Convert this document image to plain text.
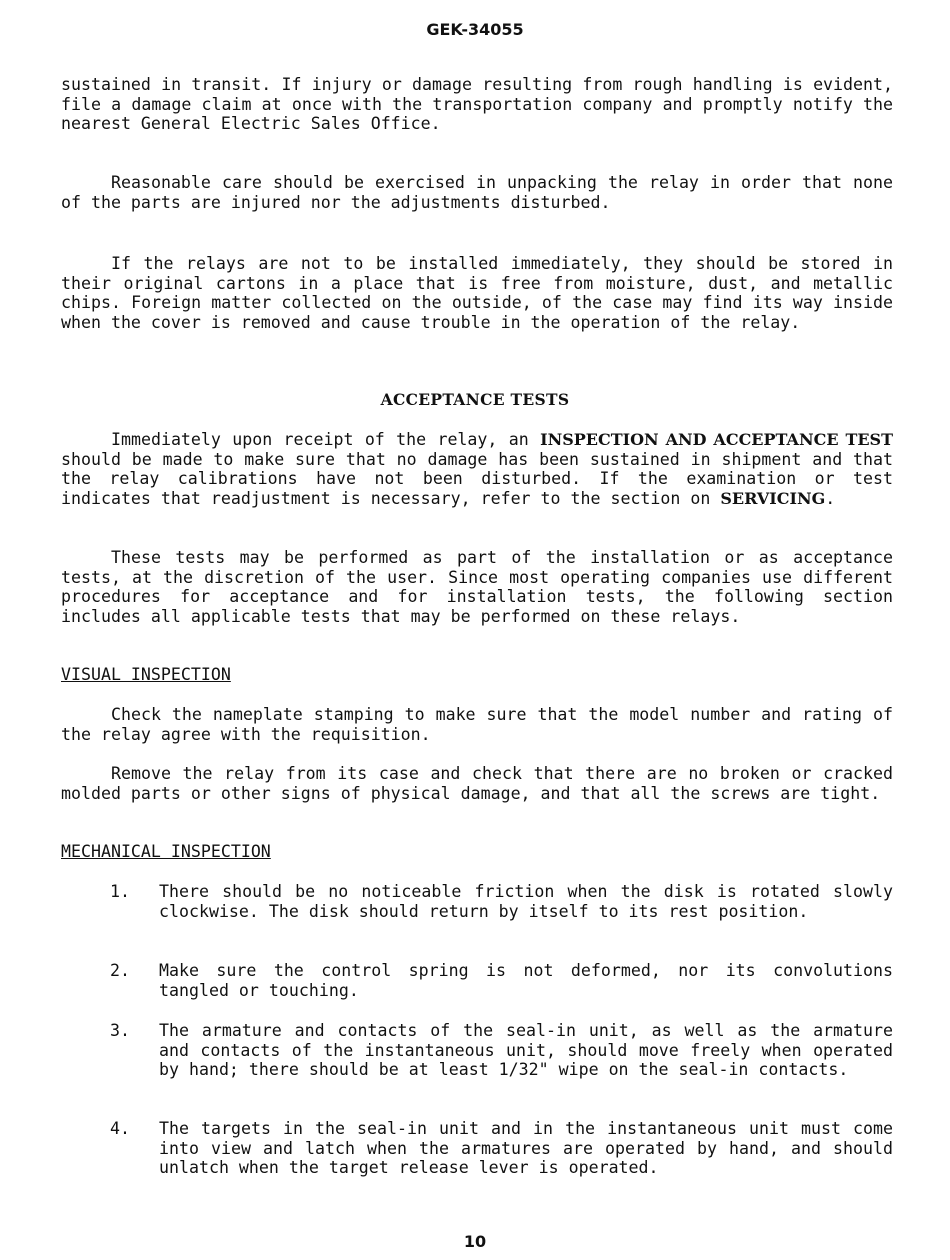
GEK-34055
sustained in transit. If injury or damage resulting from rough handling is evident, file a damage claim at once with the transportation company and promptly notify the nearest General Electric Sales Office.
Reasonable care should be exercised in unpacking the relay in order that none of the parts are injured nor the adjustments disturbed.
If the relays are not to be installed immediately, they should be stored in their original cartons in a place that is free from moisture, dust, and metallic chips. Foreign matter collected on the outside, of the case may find its way inside when the cover is removed and cause trouble in the operation of the relay.
ACCEPTANCE TESTS
Immediately upon receipt of the relay, an INSPECTION AND ACCEPTANCE TEST should be made to make sure that no damage has been sustained in shipment and that the relay calibrations have not been disturbed. If the examination or test indicates that readjustment is necessary, refer to the section on SERVICING.
These tests may be performed as part of the installation or as acceptance tests, at the discretion of the user. Since most operating companies use different procedures for acceptance and for installation tests, the following section includes all applicable tests that may be performed on these relays.
VISUAL INSPECTION
Check the nameplate stamping to make sure that the model number and rating of the relay agree with the requisition.
Remove the relay from its case and check that there are no broken or cracked molded parts or other signs of physical damage, and that all the screws are tight.
MECHANICAL INSPECTION
1.	There should be no noticeable friction when the disk is rotated slowly clockwise. The disk should return by itself to its rest position.
2.	Make sure the control spring is not deformed, nor its convolutions tangled or touching.
3.	The armature and contacts of the seal-in unit, as well as the armature and contacts of the instantaneous unit, should move freely when operated by hand; there should be at least 1/32" wipe on the seal-in contacts.
4.	The targets in the seal-in unit and in the instantaneous unit must come into view and latch when the armatures are operated by hand, and should unlatch when the target release lever is operated.
10
